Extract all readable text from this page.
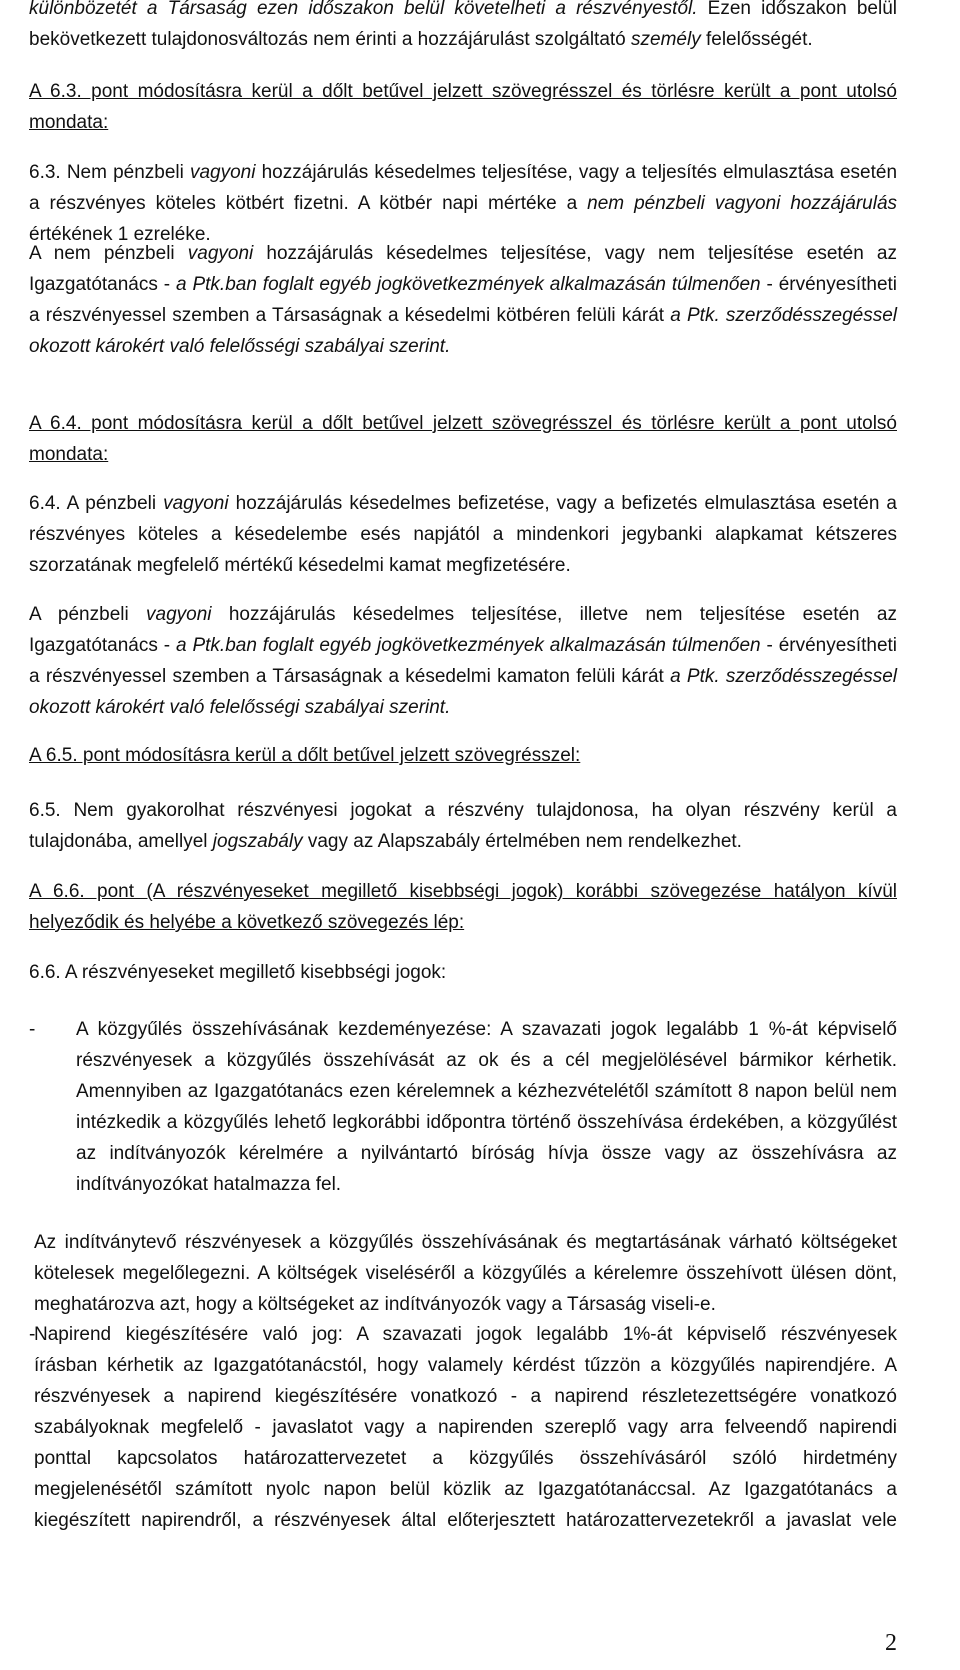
különbözetét a Társaság ezen időszakon belül követelheti a részvényestől. Ezen időszakon belül
bekövetkezett tulajdonosváltozás nem érinti a hozzájárulást szolgáltató személy felelősségét.
A 6.3. pont módosításra kerül a dőlt betűvel jelzett szövegrésszel és törlésre került a pont utolsó
mondata:
6.3. Nem pénzbeli vagyoni hozzájárulás késedelmes teljesítése, vagy a teljesítés elmulasztása esetén
a részvényes köteles kötbért fizetni. A kötbér napi mértéke a nem pénzbeli vagyoni hozzájárulás
értékének 1 ezreléke.
A nem pénzbeli vagyoni hozzájárulás késedelmes teljesítése, vagy nem teljesítése esetén az
Igazgatótanács - a Ptk.ban foglalt egyéb jogkövetkezmények alkalmazásán túlmenően - érvényesítheti
a részvényessel szemben a Társaságnak a késedelmi kötbéren felüli kárát a Ptk. szerződésszegéssel
okozott károkért való felelősségi szabályai szerint.
A 6.4. pont módosításra kerül a dőlt betűvel jelzett szövegrésszel és törlésre került a pont utolsó
mondata:
6.4. A pénzbeli vagyoni hozzájárulás késedelmes befizetése, vagy a befizetés elmulasztása esetén a
részvényes köteles a késedelembe esés napjától a mindenkori jegybanki alapkamat kétszeres
szorzatának megfelelő mértékű késedelmi kamat megfizetésére.
A pénzbeli vagyoni hozzájárulás késedelmes teljesítése, illetve nem teljesítése esetén az
Igazgatótanács - a Ptk.ban foglalt egyéb jogkövetkezmények alkalmazásán túlmenően - érvényesítheti
a részvényessel szemben a Társaságnak a késedelmi kamaton felüli kárát a Ptk. szerződésszegéssel
okozott károkért való felelősségi szabályai szerint.
A 6.5. pont módosításra kerül a dőlt betűvel jelzett szövegrésszel:
6.5. Nem gyakorolhat részvényesi jogokat a részvény tulajdonosa, ha olyan részvény kerül a
tulajdonába, amellyel jogszabály vagy az Alapszabály értelmében nem rendelkezhet.
A 6.6. pont (A részvényeseket megillető kisebbségi jogok) korábbi szövegezése hatályon kívül
helyeződik és helyébe a következő szövegezés lép:
6.6. A részvényeseket megillető kisebbségi jogok:
- A közgyűlés összehívásának kezdeményezése: A szavazati jogok legalább 1 %-át képviselő
részvényesek a közgyűlés összehívását az ok és a cél megjelölésével bármikor kérhetik.
Amennyiben az Igazgatótanács ezen kérelemnek a kézhezvételétől számított 8 napon belül nem
intézkedik a közgyűlés lehető legkorábbi időpontra történő összehívása érdekében, a közgyűlést
az indítványozók kérelmére a nyilvántartó bíróság hívja össze vagy az összehívásra az
indítványozókat hatalmazza fel.
Az indítványtevő részvényesek a közgyűlés összehívásának és megtartásának várható költségeket
kötelesek megelőlegezni. A költségek viseléséről a közgyűlés a kérelemre összehívott ülésen dönt,
meghatározva azt, hogy a költségeket az indítványozók vagy a Társaság viseli-e.
-
Napirend kiegészítésére való jog: A szavazati jogok legalább 1%-át képviselő részvényesek
írásban kérhetik az Igazgatótanácstól, hogy valamely kérdést tűzzön a közgyűlés napirendjére. A
részvényesek a napirend kiegészítésére vonatkozó - a napirend részletezettségére vonatkozó
szabályoknak megfelelő - javaslatot vagy a napirenden szereplő vagy arra felveendő napirendi
ponttal kapcsolatos határozattervezetet a közgyűlés összehívásáról szóló hirdetmény
megjelenésétől számított nyolc napon belül közlik az Igazgatótanáccsal. Az Igazgatótanács a
kiegészített napirendről, a részvényesek által előterjesztett határozattervezetekről a javaslat vele
2
